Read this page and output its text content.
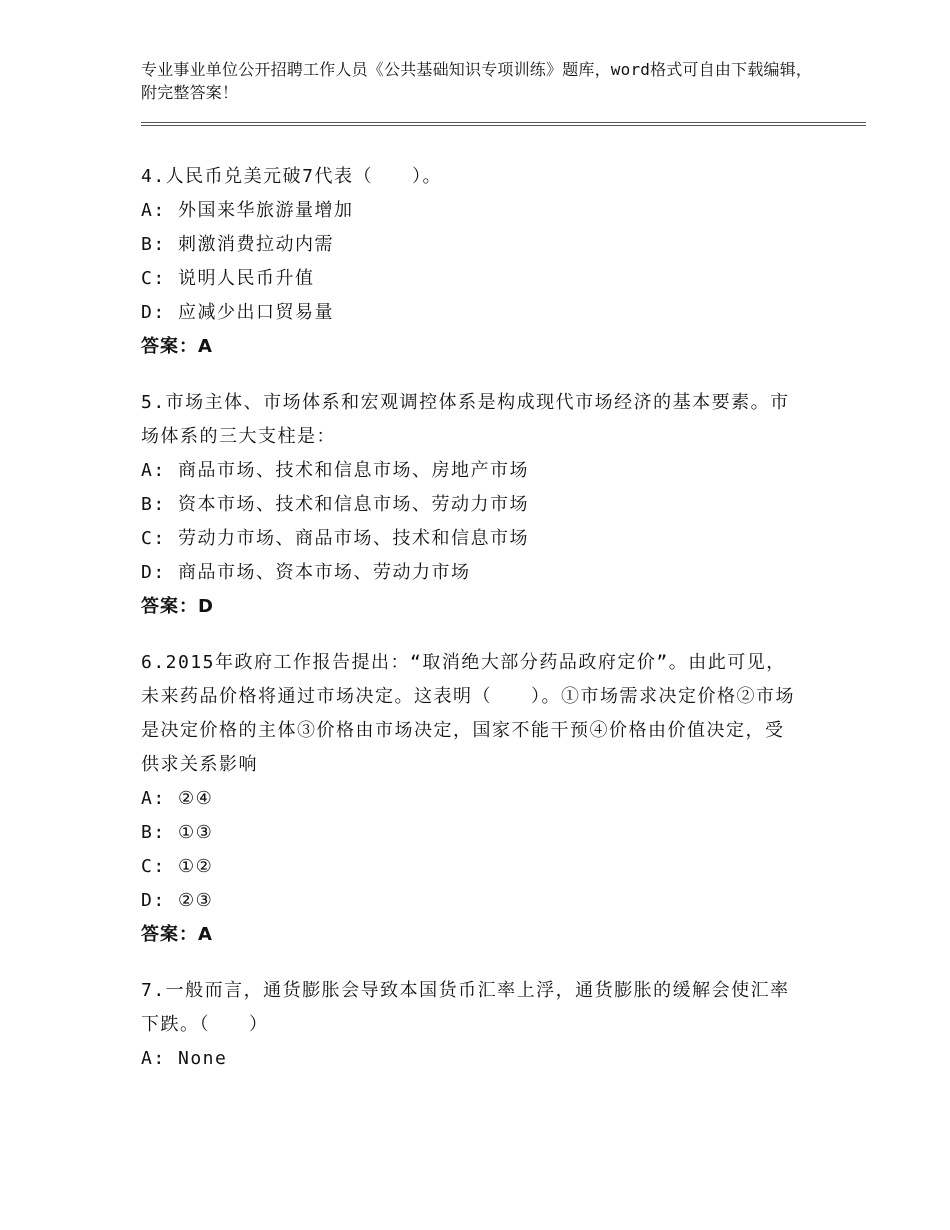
专业事业单位公开招聘工作人员《公共基础知识专项训练》题库，word格式可自由下载编辑，附完整答案！
4.人民币兑美元破7代表（　　）。
A: 外国来华旅游量增加
B: 刺激消费拉动内需
C: 说明人民币升值
D: 应减少出口贸易量
答案：A
5.市场主体、市场体系和宏观调控体系是构成现代市场经济的基本要素。市场体系的三大支柱是：
A: 商品市场、技术和信息市场、房地产市场
B: 资本市场、技术和信息市场、劳动力市场
C: 劳动力市场、商品市场、技术和信息市场
D: 商品市场、资本市场、劳动力市场
答案：D
6.2015年政府工作报告提出：“取消绝大部分药品政府定价”。由此可见，未来药品价格将通过市场决定。这表明（　　）。①市场需求决定价格②市场是决定价格的主体③价格由市场决定，国家不能干预④价格由价值决定，受供求关系影响
A: ②④
B: ①③
C: ①②
D: ②③
答案：A
7.一般而言，通货膨胀会导致本国货币汇率上浮，通货膨胀的缓解会使汇率下跌。（　　）
A: None
